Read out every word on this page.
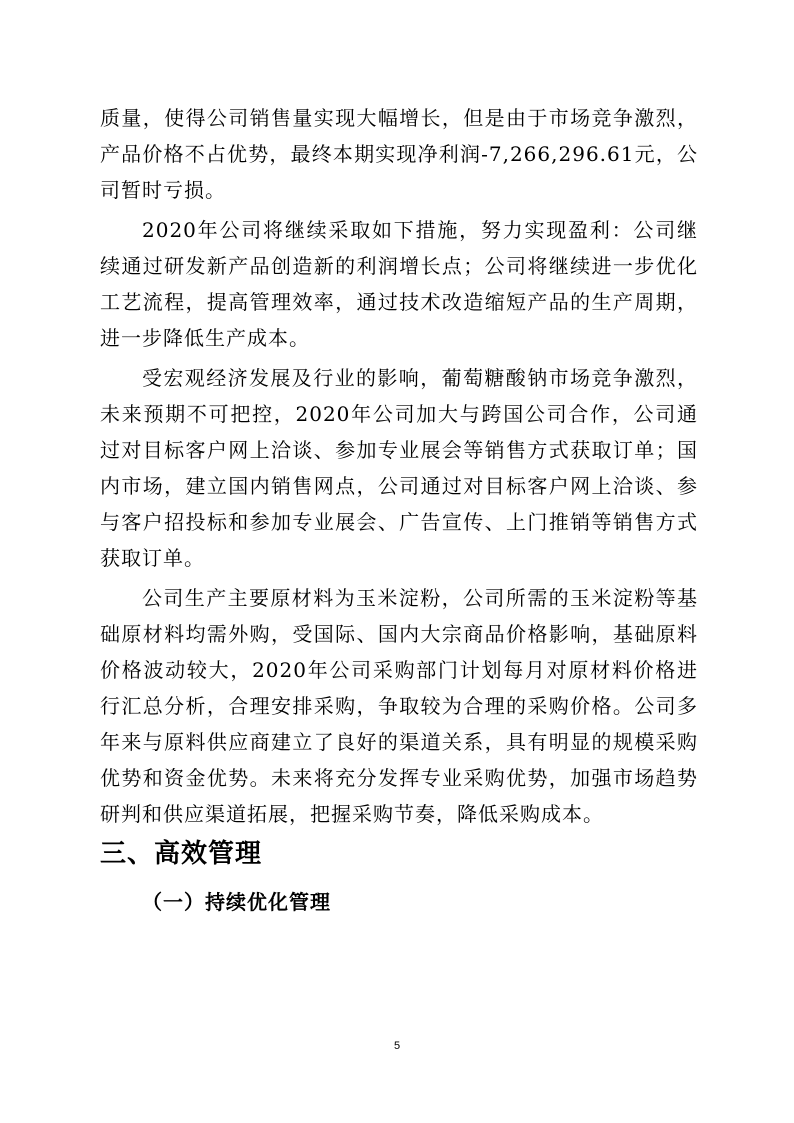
质量，使得公司销售量实现大幅增长，但是由于市场竞争激烈，产品价格不占优势，最终本期实现净利润-7,266,296.61元，公司暂时亏损。

2020年公司将继续采取如下措施，努力实现盈利：公司继续通过研发新产品创造新的利润增长点；公司将继续进一步优化工艺流程，提高管理效率，通过技术改造缩短产品的生产周期，进一步降低生产成本。

受宏观经济发展及行业的影响，葡萄糖酸钠市场竞争激烈，未来预期不可把控，2020年公司加大与跨国公司合作，公司通过对目标客户网上洽谈、参加专业展会等销售方式获取订单；国内市场，建立国内销售网点，公司通过对目标客户网上洽谈、参与客户招投标和参加专业展会、广告宣传、上门推销等销售方式获取订单。

公司生产主要原材料为玉米淀粉，公司所需的玉米淀粉等基础原材料均需外购，受国际、国内大宗商品价格影响，基础原料价格波动较大，2020年公司采购部门计划每月对原材料价格进行汇总分析，合理安排采购，争取较为合理的采购价格。公司多年来与原料供应商建立了良好的渠道关系，具有明显的规模采购优势和资金优势。未来将充分发挥专业采购优势，加强市场趋势研判和供应渠道拓展，把握采购节奏，降低采购成本。

三、高效管理
（一）持续优化管理
5
